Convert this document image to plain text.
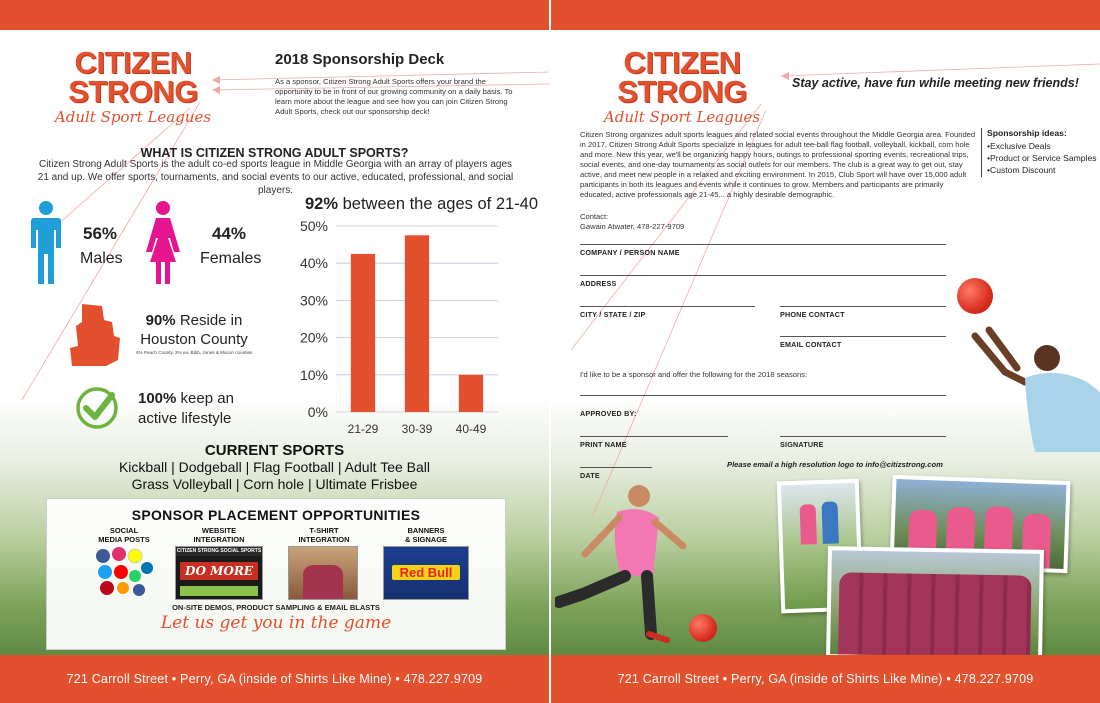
CITIZEN
STRONG
Adult Sport Leagues
2018 Sponsorship Deck
As a sponsor, Citizen Strong Adult Sports offers your brand the opportunity to be in front of our growing community on a daily basis. To learn more about the league and see how you can join Citizen Strong Adult Sports, check out our sponsorship deck!
WHAT IS CITIZEN STRONG ADULT SPORTS?
Citizen Strong Adult Sports is the adult co-ed sports league in Middle Georgia with an array of players ages 21 and up. We offer sports, tournaments, and social events to our active, educated, professional, and social players.
56%
Males
44%
Females
90% Reside in
Houston County
4% Peach County, 2% ea. Bibb, Jones & Macon counties
100% keep an
active lifestyle
92% between the ages of 21-40
0%
10%
20%
30%
40%
50%
21-29 30-39 40-49
CURRENT SPORTS
Kickball | Dodgeball | Flag Football | Adult Tee Ball
Grass Volleyball | Corn hole | Ultimate Frisbee
SPONSOR PLACEMENT OPPORTUNITIES
SOCIAL
MEDIA POSTS
WEBSITE
INTEGRATION
T-SHIRT
INTEGRATION
BANNERS
& SIGNAGE
CITIZEN STRONG SOCIAL SPORTS
DO MORE	Red Bull
ON-SITE DEMOS, PRODUCT SAMPLING & EMAIL BLASTS
Let us get you in the game
721 Carroll Street • Perry, GA (inside of Shirts Like Mine) • 478.227.9709
CITIZEN
STRONG
Adult Sport Leagues
Stay active, have fun while meeting new friends!
Citizen Strong organizes adult sports leagues and related social events throughout the Middle Georgia area. Founded in 2017, Citizen Strong Adult Sports specialize in leagues for adult tee-ball flag football, volleyball, kickball, corn hole and more. New this year, we'll be organizing happy hours, outings to professional sporting events, recreational trips, social events, and one-day tournaments as social outlets for our members. The club is a great way to get out, stay active, and meet new people in a relaxed and exciting environment. In 2015, Club Sport will have over 15,000 adult participants in both its leagues and events while it continues to grow. Members and participants are primarily educated, active professionals age 21-45... a highly desirable demographic.
Sponsorship ideas:
• Exclusive Deals
• Product or Service Samples
• Custom Discount
Contact:
Gawain Atwater, 478-227-9709
COMPANY / PERSON NAME
ADDRESS
CITY / STATE / ZIP	PHONE CONTACT
EMAIL CONTACT
I'd like to be a sponsor and offer the following for the 2018 seasons:
APPROVED BY:
PRINT NAME	SIGNATURE
Please email a high resolution logo to info@citizstrong.com
DATE
721 Carroll Street • Perry, GA (inside of Shirts Like Mine) • 478.227.9709
